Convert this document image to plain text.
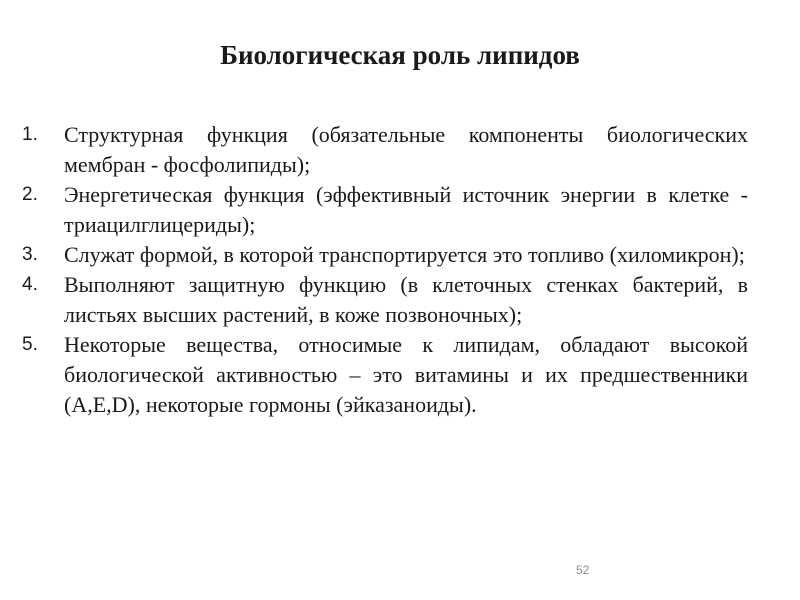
Биологическая роль липидов
1. Структурная функция (обязательные компоненты биологических мембран - фосфолипиды);
2. Энергетическая функция (эффективный источник энергии в клетке - триацилглицериды);
3. Служат формой, в которой транспортируется это топливо (хиломикрон);
4. Выполняют защитную функцию (в клеточных стенках бактерий, в листьях высших растений, в коже позвоночных);
5. Некоторые вещества, относимые к липидам, обладают высокой биологической активностью – это витамины и их предшественники (A,E,D), некоторые гормоны (эйказаноиды).
52
